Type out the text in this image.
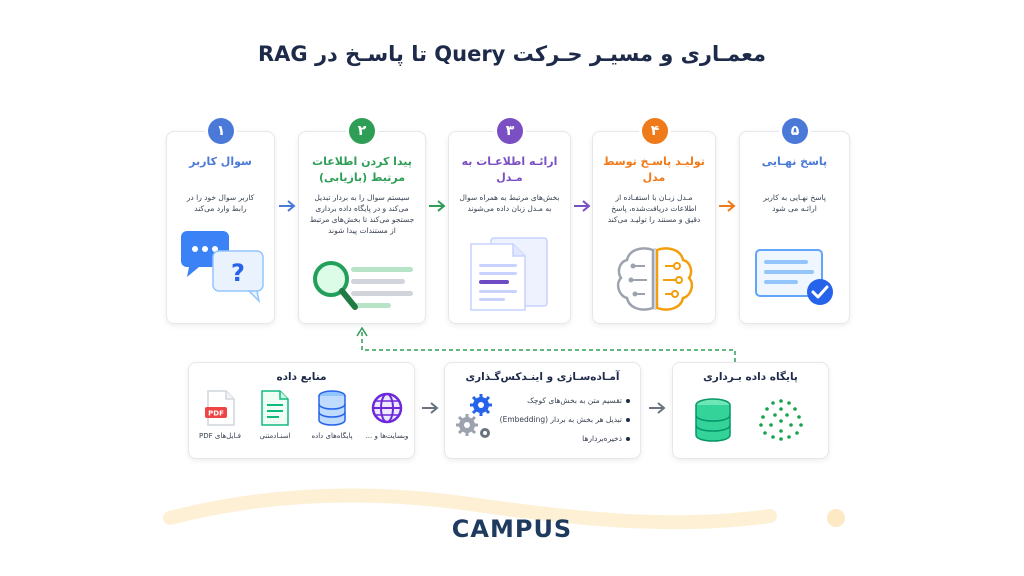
معمـاری و مسیـر حـرکت Query تا پاسـخ در RAG
۱
سوال کاربر
کاربر سوال خود را در رابط وارد می‌کند
?
۲
پیدا کردن اطلاعات مرتبط (بازیابی)
سیستم سوال را به بردار تبدیل می‌کند و در پایگاه داده برداری جستجو می‌کند تا بخش‌های مرتبط از مستندات پیدا شوند
۳
ارائـه اطلاعـات به مـدل
بخش‌های مرتبط به همراه سوال به مـدل زبان داده می‌شوند
۴
تولیـد پاسـخ توسط مدل
مـدل زبـان با استفـاده از اطلاعات دریافت‌شده، پاسخ دقیق و مستند را تولیـد می‌کند
۵
پاسخ نهـایی
پاسخ نهـایی به کاربر ارائـه می‌ شود
منابع داده
وبسایت‌ها و ...
پایگاه‌های داده
اسنـادمتنی
PDF
فـایل‌های PDF
آمـاده‌سـازی و اینـدکس‌گـذاری
تقسیم متن به بخش‌های کوچک
تبدیل هر بخش به بردار (Embedding)
ذخیره‌بردارها
پایگاه داده بـرداری
CAMPUS
